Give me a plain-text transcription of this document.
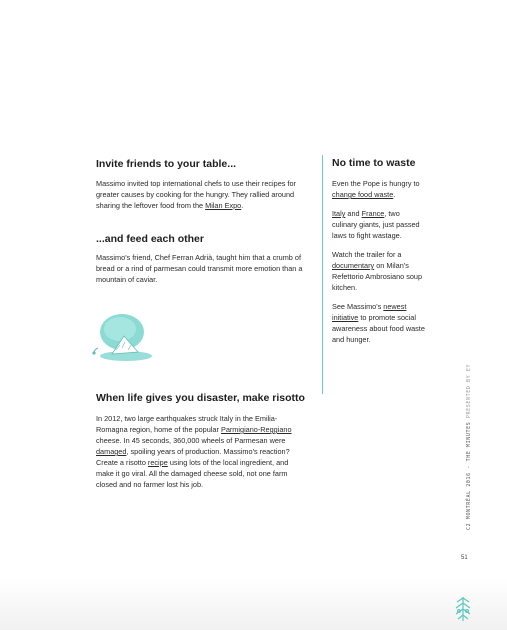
Invite friends to your table...

Massimo invited top international chefs to use their recipes for greater causes by cooking for the hungry. They rallied around sharing the leftover food from the Milan Expo.

...and feed each other

Massimo's friend, Chef Ferran Adrià, taught him that a crumb of bread or a rind of parmesan could transmit more emotion than a mountain of caviar.

When life gives you disaster, make risotto

In 2012, two large earthquakes struck Italy in the Emilia-Romagna region, home of the popular Parmigiano-Reggiano cheese. In 45 seconds, 360,000 wheels of Parmesan were damaged, spoiling years of production. Massimo's reaction? Create a risotto recipe using lots of the local ingredient, and make it go viral. All the damaged cheese sold, not one farm closed and no farmer lost his job.

No time to waste

Even the Pope is hungry to change food waste.

Italy and France, two culinary giants, just passed laws to fight wastage.

Watch the trailer for a documentary on Milan's Refettorio Ambrosiano soup kitchen.

See Massimo's newest initiative to promote social awareness about food waste and hunger.

C2 MONTRÉAL 2016 - THE MINUTES PRESENTED BY EY
51
